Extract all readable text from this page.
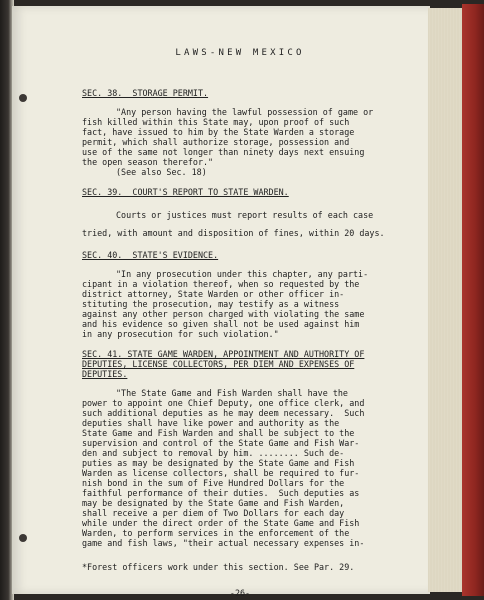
LAWS-NEW MEXICO
SEC. 38.  STORAGE PERMIT.

"Any person having the lawful possession of game or

fish killed within this State may, upon proof of such

fact, have issued to him by the State Warden a storage

permit, which shall authorize storage, possession and

use of the same not longer than ninety days next ensuing

the open season therefor."

(See also Sec. 18)

SEC. 39.  COURT'S REPORT TO STATE WARDEN.

Courts or justices must report results of each case tried, with amount and disposition of fines, within 20 days.

SEC. 40.  STATE'S EVIDENCE.

"In any prosecution under this chapter, any parti-

cipant in a violation thereof, when so requested by the

district attorney, State Warden or other officer in-

stituting the prosecution, may testify as a witness

against any other person charged with violating the same

and his evidence so given shall not be used against him

in any prosecution for such violation."

SEC. 41. STATE GAME WARDEN, APPOINTMENT AND AUTHORITY OF
DEPUTIES, LICENSE COLLECTORS, PER DIEM AND EXPENSES OF
DEPUTIES.

"The State Game and Fish Warden shall have the

power to appoint one Chief Deputy, one office clerk, and

such additional deputies as he may deem necessary.  Such

deputies shall have like power and authority as the

State Game and Fish Warden and shall be subject to the

supervision and control of the State Game and Fish War-

den and subject to removal by him. ........ Such de-

puties as may be designated by the State Game and Fish

Warden as license collectors, shall be required to fur-

nish bond in the sum of Five Hundred Dollars for the

faithful performance of their duties.  Such deputies as

may be designated by the State Game and Fish Warden,

shall receive a per diem of Two Dollars for each day

while under the direct order of the State Game and Fish

Warden, to perform services in the enforcement of the

game and fish laws, "their actual necessary expenses in-

*Forest officers work under this section. See Par. 29.
-26-
